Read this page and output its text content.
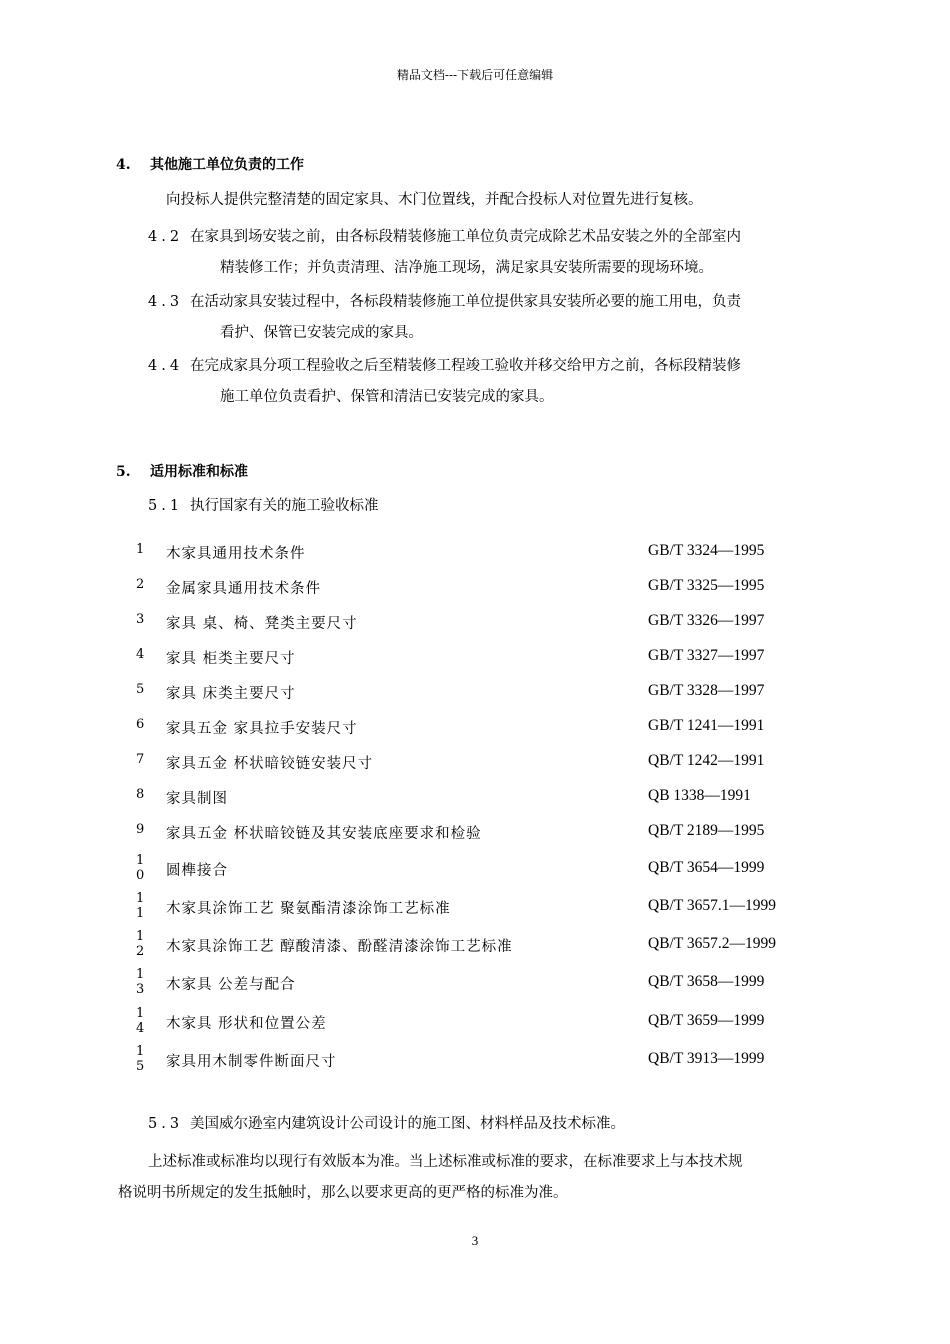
精品文档---下载后可任意编辑
4. 其他施工单位负责的工作
向投标人提供完整清楚的固定家具、木门位置线，并配合投标人对位置先进行复核。
4.2 在家具到场安装之前，由各标段精装修施工单位负责完成除艺术品安装之外的全部室内
精装修工作；并负责清理、洁净施工现场，满足家具安装所需要的现场环境。
4.3 在活动家具安装过程中，各标段精装修施工单位提供家具安装所必要的施工用电，负责
看护、保管已安装完成的家具。
4.4 在完成家具分项工程验收之后至精装修工程竣工验收并移交给甲方之前，各标段精装修
施工单位负责看护、保管和清洁已安装完成的家具。
5. 适用标准和标准
5.1 执行国家有关的施工验收标准
1 木家具通用技术条件	GB/T 3324—1995
2 金属家具通用技术条件	GB/T 3325—1995
3 家具 桌、椅、凳类主要尺寸	GB/T 3326—1997
4 家具 柜类主要尺寸	GB/T 3327—1997
5 家具 床类主要尺寸	GB/T 3328—1997
6 家具五金 家具拉手安装尺寸	GB/T 1241—1991
7 家具五金 杯状暗铰链安装尺寸	QB/T 1242—1991
8 家具制图	QB 1338—1991
9 家具五金 杯状暗铰链及其安装底座要求和检验	QB/T 2189—1995
10 圆榫接合	QB/T 3654—1999
11 木家具涂饰工艺 聚氨酯清漆涂饰工艺标准	QB/T 3657.1—1999
12 木家具涂饰工艺 醇酸清漆、酚醛清漆涂饰工艺标准	QB/T 3657.2—1999
13 木家具 公差与配合	QB/T 3658—1999
14 木家具 形状和位置公差	QB/T 3659—1999
15 家具用木制零件断面尺寸	QB/T 3913—1999
5.3 美国威尔逊室内建筑设计公司设计的施工图、材料样品及技术标准。
上述标准或标准均以现行有效版本为准。当上述标准或标准的要求，在标准要求上与本技术规
格说明书所规定的发生抵触时，那么以要求更高的更严格的标准为准。
3
